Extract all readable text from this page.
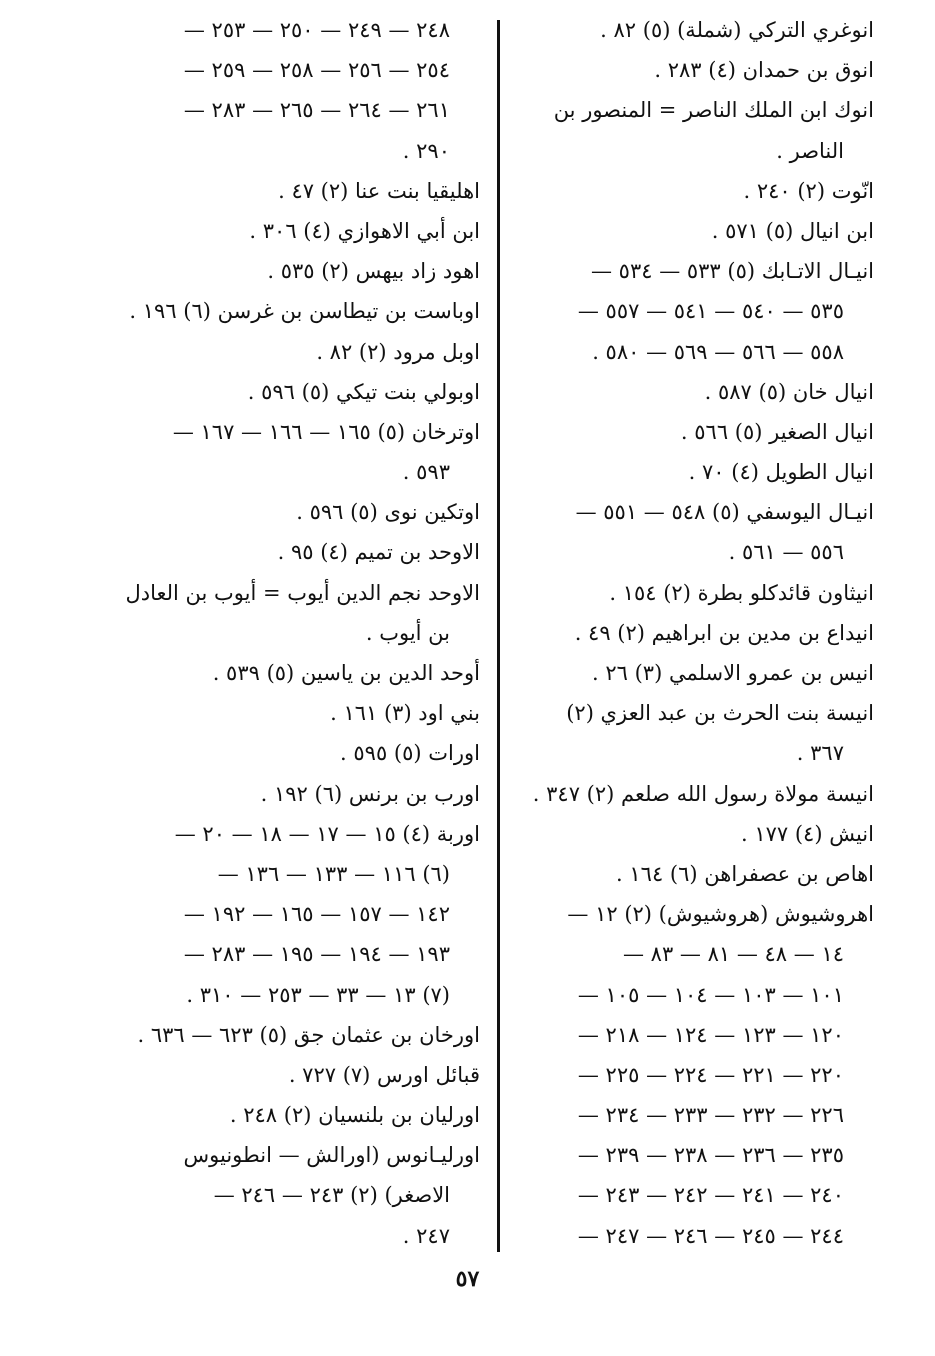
انوغري التركي (شملة) (٥) ٨٢ .
انوق بن حمدان (٤) ٢٨٣ .
انوك ابن الملك الناصر = المنصور بن
الناصر .
انّوت (٢) ٢٤٠ .
ابن انيال (٥) ٥٧١ .
انيـال الاتـابك (٥) ٥٣٣ — ٥٣٤ —
٥٣٥ — ٥٤٠ — ٥٤١ — ٥٥٧ —
٥٥٨ — ٥٦٦ — ٥٦٩ — ٥٨٠ .
انيال خان (٥) ٥٨٧ .
انيال الصغير (٥) ٥٦٦ .
انيال الطويل (٤) ٧٠ .
انيـال اليوسفي (٥) ٥٤٨ — ٥٥١ —
٥٥٦ — ٥٦١ .
انيثاون قائدكلو بطرة (٢) ١٥٤ .
انيداع بن مدين بن ابراهيم (٢) ٤٩ .
انيس بن عمرو الاسلمي (٣) ٢٦ .
انيسة بنت الحرث بن عبد العزي (٢)
٣٦٧ .
انيسة مولاة رسول الله صلعم (٢) ٣٤٧ .
انيش (٤) ١٧٧ .
اهاص بن عصفراهن (٦) ١٦٤ .
اهروشيوش (هروشيوش) (٢) ١٢ —
١٤ — ٤٨ — ٨١ — ٨٣ —
١٠١ — ١٠٣ — ١٠٤ — ١٠٥ —
١٢٠ — ١٢٣ — ١٢٤ — ٢١٨ —
٢٢٠ — ٢٢١ — ٢٢٤ — ٢٢٥ —
٢٢٦ — ٢٣٢ — ٢٣٣ — ٢٣٤ —
٢٣٥ — ٢٣٦ — ٢٣٨ — ٢٣٩ —
٢٤٠ — ٢٤١ — ٢٤٢ — ٢٤٣ —
٢٤٤ — ٢٤٥ — ٢٤٦ — ٢٤٧ —
٢٤٨ — ٢٤٩ — ٢٥٠ — ٢٥٣ —
٢٥٤ — ٢٥٦ — ٢٥٨ — ٢٥٩ —
٢٦١ — ٢٦٤ — ٢٦٥ — ٢٨٣ —
٢٩٠ .
اهليقيا بنت عنا (٢) ٤٧ .
ابن أبي الاهوازي (٤) ٣٠٦ .
اهود زاد بيهس (٢) ٥٣٥ .
اوباست بن تيطاسن بن غرسن (٦) ١٩٦ .
اوبل مرود (٢) ٨٢ .
اوبولي بنت تيكي (٥) ٥٩٦ .
اوترخان (٥) ١٦٥ — ١٦٦ — ١٦٧ —
٥٩٣ .
اوتكين نوى (٥) ٥٩٦ .
الاوحد بن تميم (٤) ٩٥ .
الاوحد نجم الدين أيوب = أيوب بن العادل
بن أيوب .
أوحد الدين بن ياسين (٥) ٥٣٩ .
بني اود (٣) ١٦١ .
اورات (٥) ٥٩٥ .
اورب بن برنس (٦) ١٩٢ .
اوربة (٤) ١٥ — ١٧ — ١٨ — ٢٠ —
(٦) ١١٦ — ١٣٣ — ١٣٦ —
١٤٢ — ١٥٧ — ١٦٥ — ١٩٢ —
١٩٣ — ١٩٤ — ١٩٥ — ٢٨٣ —
(٧) ١٣ — ٣٣ — ٢٥٣ — ٣١٠ .
اورخان بن عثمان جق (٥) ٦٢٣ — ٦٣٦ .
قبائل اورس (٧) ٧٢٧ .
اورليان بن بلنسيان (٢) ٢٤٨ .
اورليـانوس (اورالش — انطونيوس
الاصغر) (٢) ٢٤٣ — ٢٤٦ —
٢٤٧ .
٥٧
